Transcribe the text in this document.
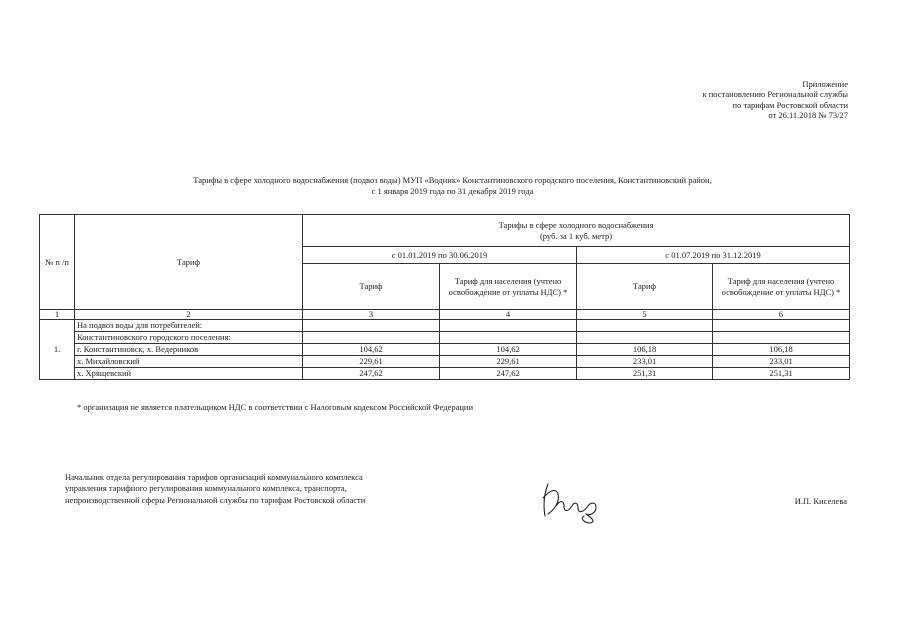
Приложение
к постановлению Региональной службы
по тарифам Ростовской области
от 26.11.2018 № 73/27
Тарифы в сфере холодного водоснабжения (подвоз воды) МУП «Водник» Константиновского городского поселения, Константиновский район,
с 1 января 2019 года по 31 декабря 2019 года
№ п /п	Тариф	Тарифы в сфере холодного водоснабжения
(руб. за 1 куб. метр)			

		с 01.01.2019 по 30.06.2019		с 01.07.2019 по 31.12.2019	
		Тариф	Тариф для населения (учтено освобождение от уплаты НДС) *	Тариф	Тариф для населения (учтено освобождение от уплаты НДС) *
1	2	3	4	5	6
1.	На подвоз воды для потребителей:				
	Константиновского городского поселения:				
	г. Константиновск, х. Ведерников	104,62	104,62	106,18	106,18
	х. Михайловский	229,61	229,61	233,01	233,01
	х. Хрящевский	247,62	247,62	251,31	251,31
* организация не является плательщиком НДС в соответствии с Налоговым кодексом Российской Федерации
Начальник отдела регулирования тарифов организаций коммунального комплекса
управления тарифного регулирования коммунального комплекса, транспорта,
непроизводственной сферы Региональной службы по тарифам Ростовской области	И.П. Киселева
